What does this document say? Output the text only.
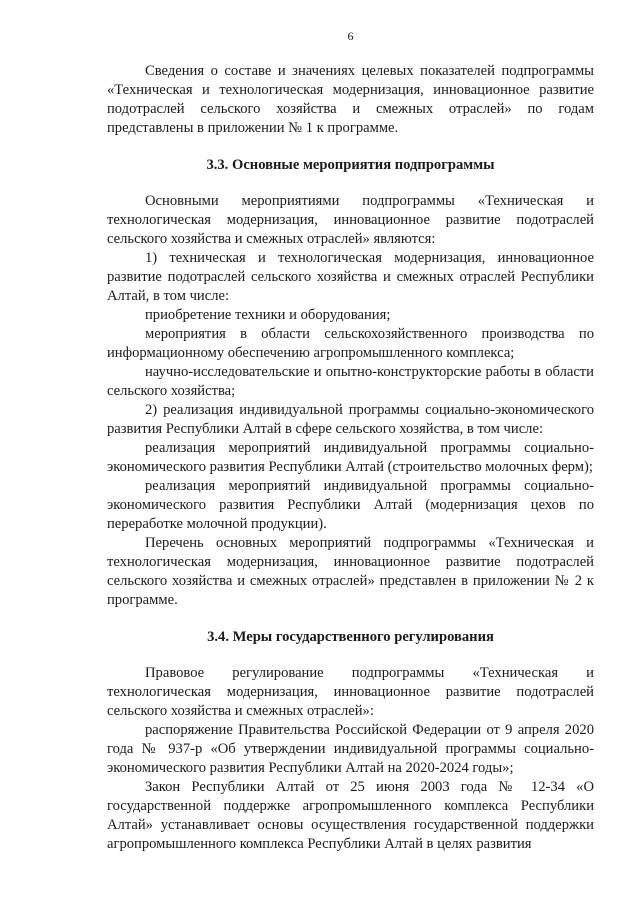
6

Сведения о составе и значениях целевых показателей подпрограммы «Техническая и технологическая модернизация, инновационное развитие подотраслей сельского хозяйства и смежных отраслей» по годам представлены в приложении № 1 к программе.

3.3. Основные мероприятия подпрограммы

Основными мероприятиями подпрограммы «Техническая и технологическая модернизация, инновационное развитие подотраслей сельского хозяйства и смежных отраслей» являются:

1) техническая и технологическая модернизация, инновационное развитие подотраслей сельского хозяйства и смежных отраслей Республики Алтай, в том числе:

приобретение техники и оборудования;

мероприятия в области сельскохозяйственного производства по информационному обеспечению агропромышленного комплекса;

научно-исследовательские и опытно-конструкторские работы в области сельского хозяйства;

2) реализация индивидуальной программы социально-экономического развития Республики Алтай в сфере сельского хозяйства, в том числе:

реализация мероприятий индивидуальной программы социально-экономического развития Республики Алтай (строительство молочных ферм);

реализация мероприятий индивидуальной программы социально-экономического развития Республики Алтай (модернизация цехов по переработке молочной продукции).

Перечень основных мероприятий подпрограммы «Техническая и технологическая модернизация, инновационное развитие подотраслей сельского хозяйства и смежных отраслей» представлен в приложении № 2 к программе.

3.4. Меры государственного регулирования

Правовое регулирование подпрограммы «Техническая и технологическая модернизация, инновационное развитие подотраслей сельского хозяйства и смежных отраслей»:

распоряжение Правительства Российской Федерации от 9 апреля 2020 года № 937-р «Об утверждении индивидуальной программы социально-экономического развития Республики Алтай на 2020-2024 годы»;

Закон Республики Алтай от 25 июня 2003 года № 12-34 «О государственной поддержке агропромышленного комплекса Республики Алтай» устанавливает основы осуществления государственной поддержки агропромышленного комплекса Республики Алтай в целях развития
